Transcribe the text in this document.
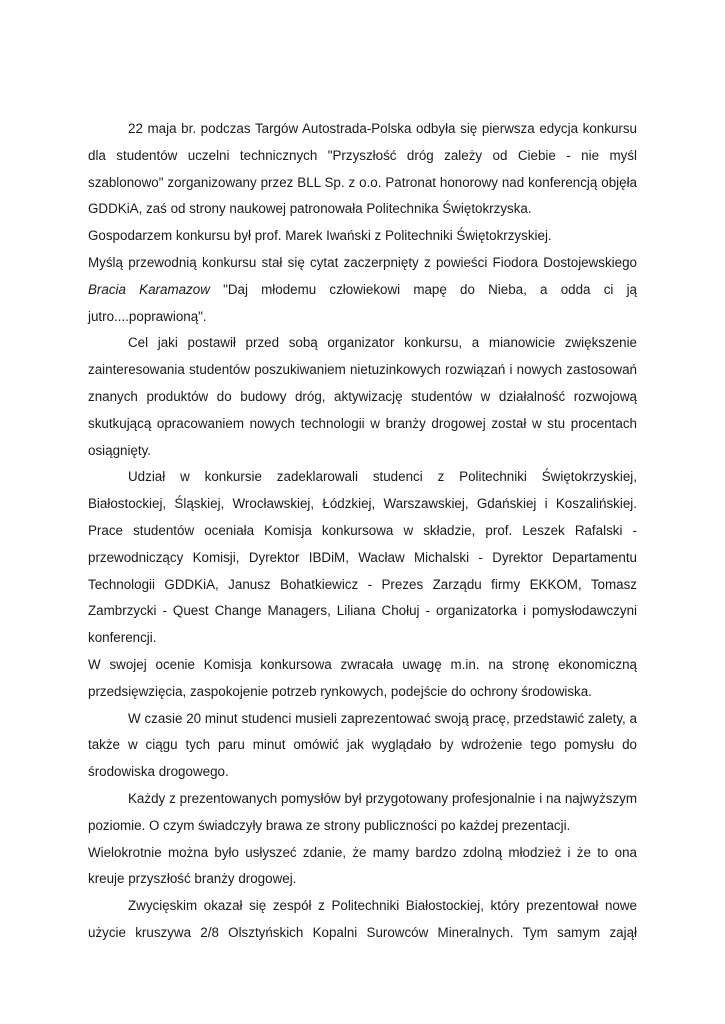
22 maja br. podczas Targów Autostrada-Polska odbyła się pierwsza edycja konkursu dla studentów uczelni technicznych "Przyszłość dróg zależy od Ciebie - nie myśl szablonowo" zorganizowany przez BLL Sp. z o.o. Patronat honorowy nad konferencją objęła GDDKiA, zaś od strony naukowej patronowała Politechnika Świętokrzyska.

Gospodarzem konkursu był prof. Marek Iwański z Politechniki Świętokrzyskiej.

Myślą przewodnią konkursu stał się cytat zaczerpnięty z powieści Fiodora Dostojewskiego Bracia Karamazow "Daj młodemu człowiekowi mapę do Nieba, a odda ci ją jutro....poprawioną".

Cel jaki postawił przed sobą organizator konkursu, a mianowicie zwiększenie zainteresowania studentów poszukiwaniem nietuzinkowych rozwiązań i nowych zastosowań znanych produktów do budowy dróg, aktywizację studentów w działalność rozwojową skutkującą opracowaniem nowych technologii w branży drogowej został w stu procentach osiągnięty.

Udział w konkursie zadeklarowali studenci z Politechniki Świętokrzyskiej, Białostockiej, Śląskiej, Wrocławskiej, Łódzkiej, Warszawskiej, Gdańskiej i Koszalińskiej. Prace studentów oceniała Komisja konkursowa w składzie, prof. Leszek Rafalski - przewodniczący Komisji, Dyrektor IBDiM, Wacław Michalski - Dyrektor Departamentu Technologii GDDKiA, Janusz Bohatkiewicz - Prezes Zarządu firmy EKKOM, Tomasz Zambrzycki - Quest Change Managers, Liliana Chołuj - organizatorka i pomysłodawczyni konferencji.

W swojej ocenie Komisja konkursowa zwracała uwagę m.in. na stronę ekonomiczną przedsięwzięcia, zaspokojenie potrzeb rynkowych, podejście do ochrony środowiska.

W czasie 20 minut studenci musieli zaprezentować swoją pracę, przedstawić zalety, a także w ciągu tych paru minut omówić jak wyglądało by wdrożenie tego pomysłu do środowiska drogowego.

Każdy z prezentowanych pomysłów był przygotowany profesjonalnie i na najwyższym poziomie. O czym świadczyły brawa ze strony publiczności po każdej prezentacji.

Wielokrotnie można było usłyszeć zdanie, że mamy bardzo zdolną młodzież i że to ona kreuje przyszłość branży drogowej.

Zwycięskim okazał się zespół z Politechniki Białostockiej, który prezentował nowe użycie kruszywa 2/8 Olsztyńskich Kopalni Surowców Mineralnych. Tym samym zajął
